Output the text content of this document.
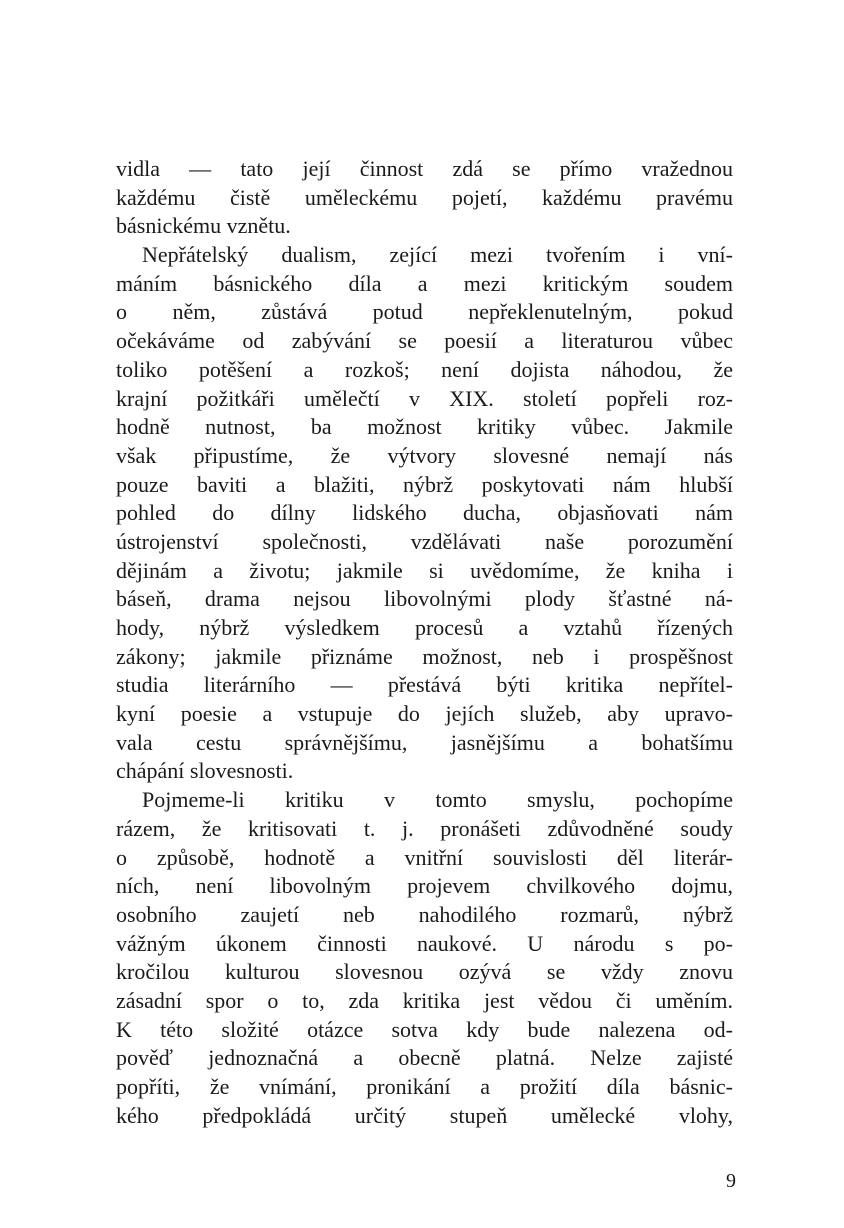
vidla — tato její činnost zdá se přímo vražednou
každému čistě uměleckému pojetí, každému pravému
básnickému vznětu.
Nepřátelský dualism, zející mezi tvořením i vní-
máním básnického díla a mezi kritickým soudem
o něm, zůstává potud nepřeklenutelným, pokud
očekáváme od zabývání se poesií a literaturou vůbec
toliko potěšení a rozkoš; není dojista náhodou, že
krajní požitkáři umělečtí v XIX. století popřeli roz-
hodně nutnost, ba možnost kritiky vůbec. Jakmile
však připustíme, že výtvory slovesné nemají nás
pouze baviti a blažiti, nýbrž poskytovati nám hlubší
pohled do dílny lidského ducha, objasňovati nám
ústrojenství společnosti, vzdělávati naše porozumění
dějinám a životu; jakmile si uvědomíme, že kniha i
báseň, drama nejsou libovolnými plody šťastné ná-
hody, nýbrž výsledkem procesů a vztahů řízených
zákony; jakmile přiznáme možnost, neb i prospěšnost
studia literárního — přestává býti kritika nepřítel-
kyní poesie a vstupuje do jejích služeb, aby upravo-
vala cestu správnějšímu, jasnějšímu a bohatšímu
chápání slovesnosti.
Pojmeme-li kritiku v tomto smyslu, pochopíme
rázem, že kritisovati t. j. pronášeti zdůvodněné soudy
o způsobě, hodnotě a vnitřní souvislosti děl literár-
ních, není libovolným projevem chvilkového dojmu,
osobního zaujetí neb nahodilého rozmarů, nýbrž
vážným úkonem činnosti naukové. U národu s po-
kročilou kulturou slovesnou ozývá se vždy znovu
zásadní spor o to, zda kritika jest vědou či uměním.
K této složité otázce sotva kdy bude nalezena od-
pověď jednoznačná a obecně platná. Nelze zajisté
popříti, že vnímání, pronikání a prožití díla básnic-
kého předpokládá určitý stupeň umělecké vlohy,
9
